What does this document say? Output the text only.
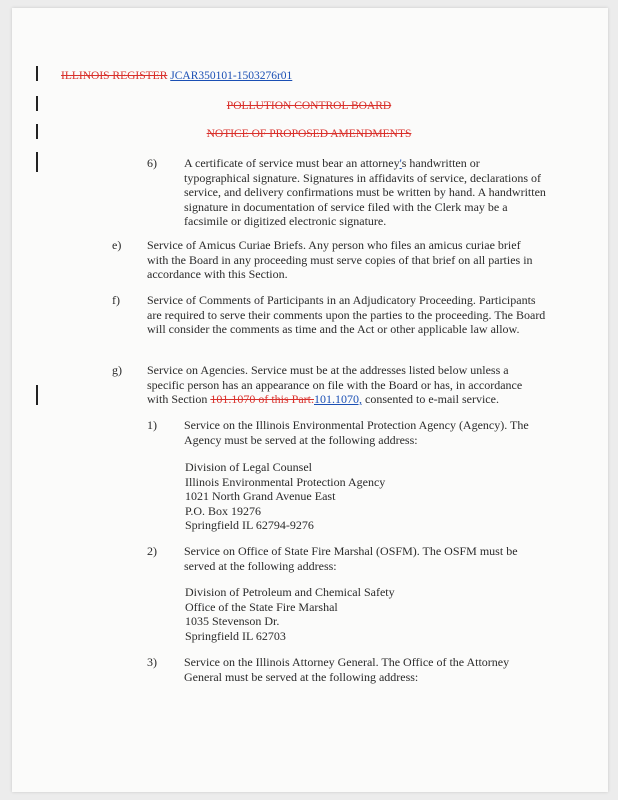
ILLINOIS REGISTER JCAR350101-1503276r01
POLLUTION CONTROL BOARD
NOTICE OF PROPOSED AMENDMENTS
6) A certificate of service must bear an attorney's handwritten or typographical signature. Signatures in affidavits of service, declarations of service, and delivery confirmations must be written by hand. A handwritten signature in documentation of service filed with the Clerk may be a facsimile or digitized electronic signature.
e) Service of Amicus Curiae Briefs. Any person who files an amicus curiae brief with the Board in any proceeding must serve copies of that brief on all parties in accordance with this Section.
f) Service of Comments of Participants in an Adjudicatory Proceeding. Participants are required to serve their comments upon the parties to the proceeding. The Board will consider the comments as time and the Act or other applicable law allow.
g) Service on Agencies. Service must be at the addresses listed below unless a specific person has an appearance on file with the Board or has, in accordance with Section 101.1070 of this Part.101.1070, consented to e-mail service.
1) Service on the Illinois Environmental Protection Agency (Agency). The Agency must be served at the following address:
Division of Legal Counsel
Illinois Environmental Protection Agency
1021 North Grand Avenue East
P.O. Box 19276
Springfield IL 62794-9276
2) Service on Office of State Fire Marshal (OSFM). The OSFM must be served at the following address:
Division of Petroleum and Chemical Safety
Office of the State Fire Marshal
1035 Stevenson Dr.
Springfield IL 62703
3) Service on the Illinois Attorney General. The Office of the Attorney General must be served at the following address:
